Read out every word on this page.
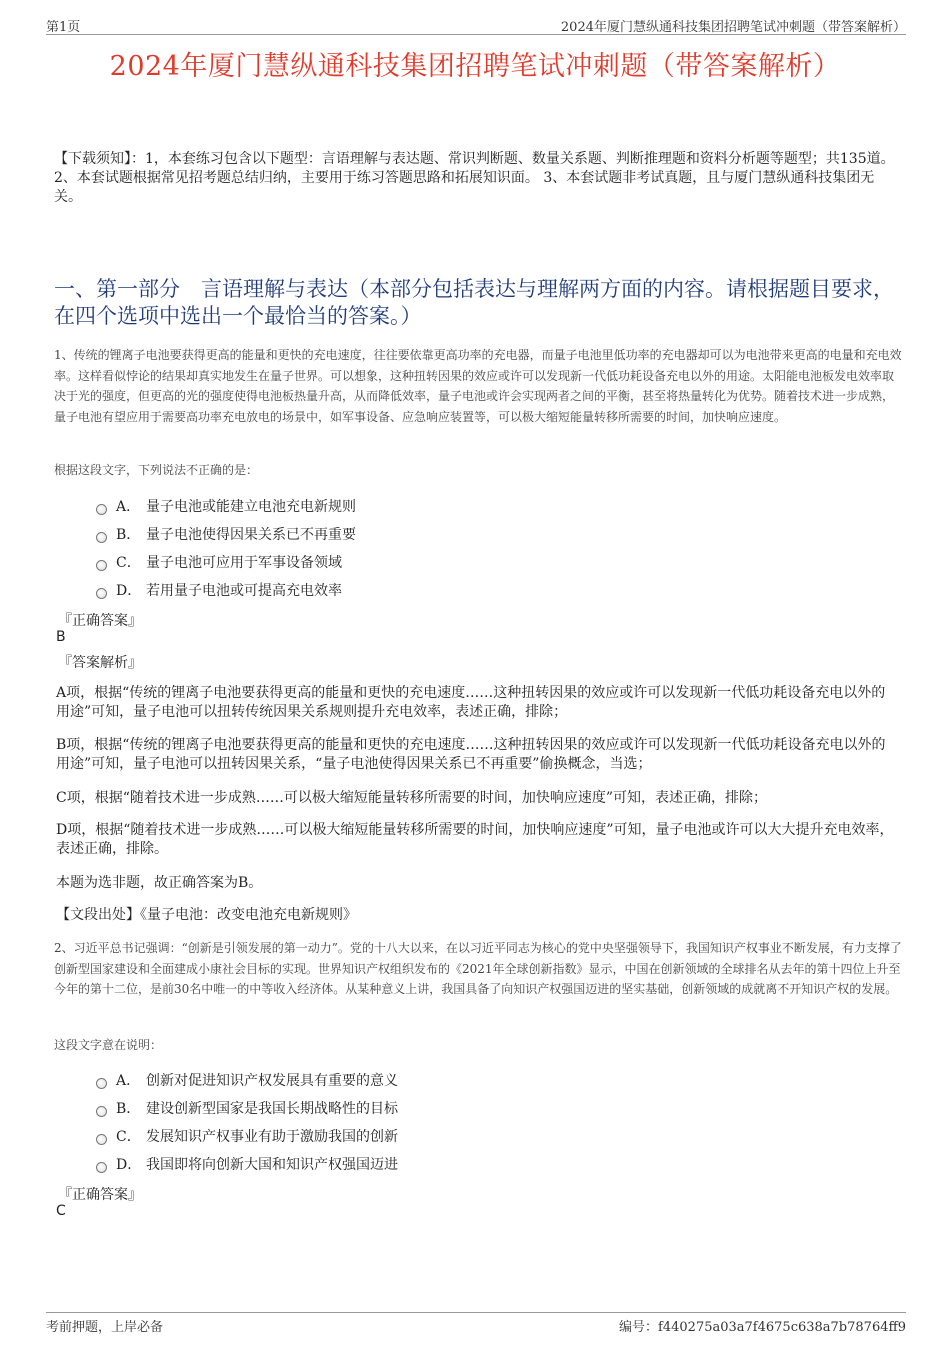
第1页	2024年厦门慧纵通科技集团招聘笔试冲刺题（带答案解析）
2024年厦门慧纵通科技集团招聘笔试冲刺题（带答案解析）
【下载须知】：1，本套练习包含以下题型：言语理解与表达题、常识判断题、数量关系题、判断推理题和资料分析题等题型；共135道。 2、本套试题根据常见招考题总结归纳，主要用于练习答题思路和拓展知识面。 3、本套试题非考试真题，且与厦门慧纵通科技集团无关。
一、第一部分　言语理解与表达（本部分包括表达与理解两方面的内容。请根据题目要求，在四个选项中选出一个最恰当的答案。）
1、传统的锂离子电池要获得更高的能量和更快的充电速度，往往要依靠更高功率的充电器，而量子电池里低功率的充电器却可以为电池带来更高的电量和充电效率。这样看似悖论的结果却真实地发生在量子世界。可以想象，这种扭转因果的效应或许可以发现新一代低功耗设备充电以外的用途。太阳能电池板发电效率取决于光的强度，但更高的光的强度使得电池板热量升高，从而降低效率，量子电池或许会实现两者之间的平衡，甚至将热量转化为优势。随着技术进一步成熟，量子电池有望应用于需要高功率充电放电的场景中，如军事设备、应急响应装置等，可以极大缩短能量转移所需要的时间，加快响应速度。
根据这段文字，下列说法不正确的是：
A． 量子电池或能建立电池充电新规则
B． 量子电池使得因果关系已不再重要
C． 量子电池可应用于军事设备领域
D． 若用量子电池或可提高充电效率
『正确答案』
B
『答案解析』
A项，根据“传统的锂离子电池要获得更高的能量和更快的充电速度……这种扭转因果的效应或许可以发现新一代低功耗设备充电以外的用途”可知，量子电池可以扭转传统因果关系规则提升充电效率，表述正确，排除；
B项，根据“传统的锂离子电池要获得更高的能量和更快的充电速度……这种扭转因果的效应或许可以发现新一代低功耗设备充电以外的用途”可知，量子电池可以扭转因果关系，“量子电池使得因果关系已不再重要”偷换概念，当选；
C项，根据“随着技术进一步成熟……可以极大缩短能量转移所需要的时间，加快响应速度”可知，表述正确，排除；
D项，根据“随着技术进一步成熟……可以极大缩短能量转移所需要的时间，加快响应速度”可知，量子电池或许可以大大提升充电效率，表述正确，排除。
本题为选非题，故正确答案为B。
【文段出处】《量子电池：改变电池充电新规则》
2、习近平总书记强调：“创新是引领发展的第一动力”。党的十八大以来，在以习近平同志为核心的党中央坚强领导下，我国知识产权事业不断发展，有力支撑了创新型国家建设和全面建成小康社会目标的实现。世界知识产权组织发布的《2021年全球创新指数》显示，中国在创新领域的全球排名从去年的第十四位上升至今年的第十二位，是前30名中唯一的中等收入经济体。从某种意义上讲，我国具备了向知识产权强国迈进的坚实基础，创新领域的成就离不开知识产权的发展。
这段文字意在说明：
A． 创新对促进知识产权发展具有重要的意义
B． 建设创新型国家是我国长期战略性的目标
C． 发展知识产权事业有助于激励我国的创新
D． 我国即将向创新大国和知识产权强国迈进
『正确答案』
C
考前押题，上岸必备	编号：f440275a03a7f4675c638a7b78764ff9
